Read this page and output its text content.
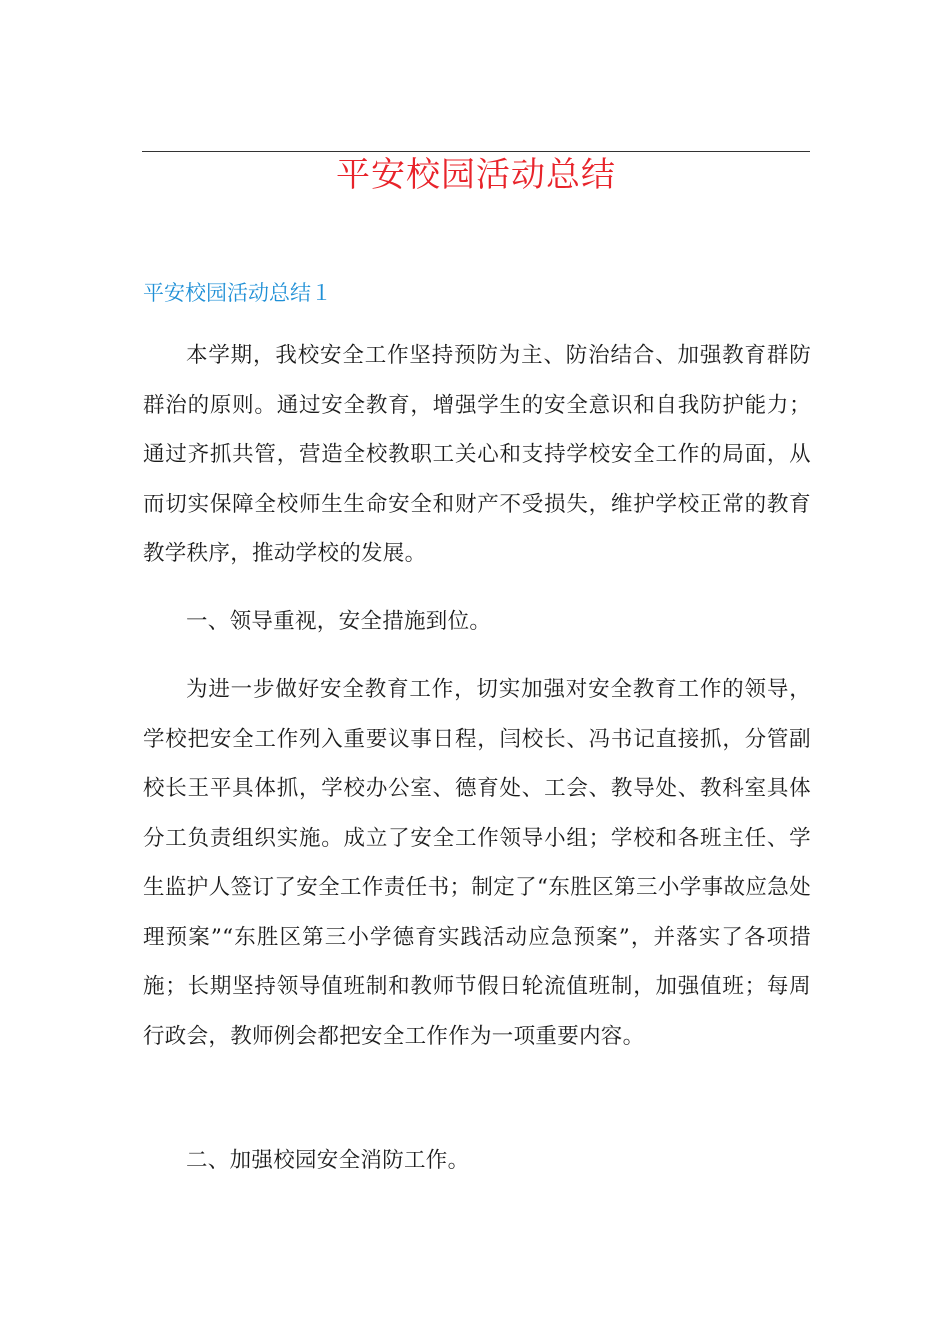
平安校园活动总结
平安校园活动总结１

本学期，我校安全工作坚持预防为主、防治结合、加强教育群防群治的原则。通过安全教育，增强学生的安全意识和自我防护能力；通过齐抓共管，营造全校教职工关心和支持学校安全工作的局面，从而切实保障全校师生生命安全和财产不受损失，维护学校正常的教育教学秩序，推动学校的发展。

一、领导重视，安全措施到位。

为进一步做好安全教育工作，切实加强对安全教育工作的领导，学校把安全工作列入重要议事日程，闫校长、冯书记直接抓，分管副校长王平具体抓，学校办公室、德育处、工会、教导处、教科室具体分工负责组织实施。成立了安全工作领导小组；学校和各班主任、学生监护人签订了安全工作责任书；制定了“东胜区第三小学事故应急处理预案”“东胜区第三小学德育实践活动应急预案”，并落实了各项措施；长期坚持领导值班制和教师节假日轮流值班制，加强值班；每周行政会，教师例会都把安全工作作为一项重要内容。

二、加强校园安全消防工作。
